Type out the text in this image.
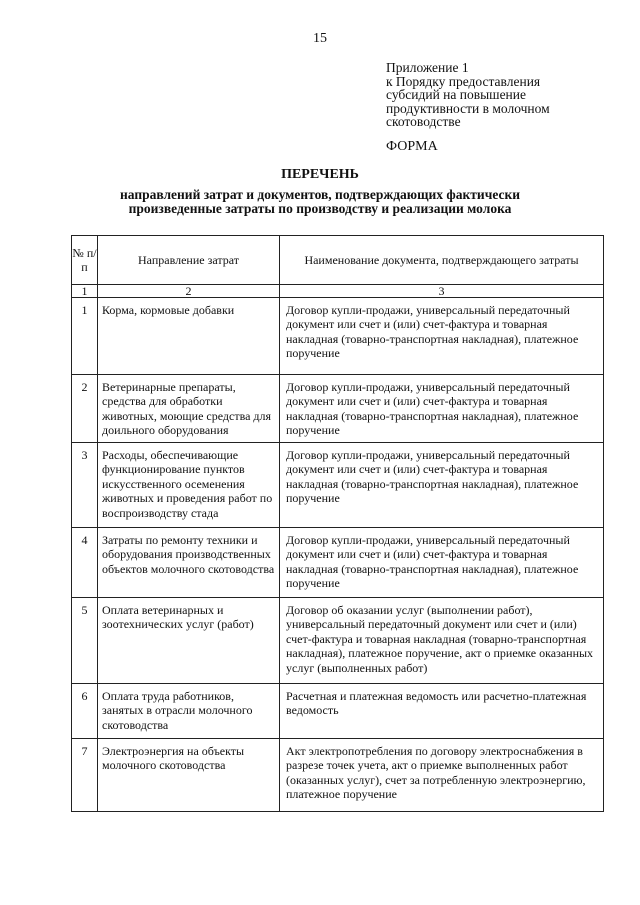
15
Приложение 1
к Порядку предоставления
субсидий на повышение
продуктивности в молочном
скотоводстве
ФОРМА
ПЕРЕЧЕНЬ
направлений затрат и документов, подтверждающих фактически произведенные затраты по производству и реализации молока
№ п/п	Направление затрат	Наименование документа, подтверждающего затраты
1	2	3
1	Корма, кормовые добавки	Договор купли-продажи, универсальный передаточный документ или счет и (или) счет-фактура и товарная накладная (товарно-транспортная накладная), платежное поручение
2	Ветеринарные препараты, средства для обработки животных, моющие средства для доильного оборудования	Договор купли-продажи, универсальный передаточный документ или счет и (или) счет-фактура и товарная накладная (товарно-транспортная накладная), платежное поручение
3	Расходы, обеспечивающие функционирование пунктов искусственного осеменения животных и проведения работ по воспроизводству стада	Договор купли-продажи, универсальный передаточный документ или счет и (или) счет-фактура и товарная накладная (товарно-транспортная накладная), платежное поручение
4	Затраты по ремонту техники и оборудования производственных объектов молочного скотоводства	Договор купли-продажи, универсальный передаточный документ или счет и (или) счет-фактура и товарная накладная (товарно-транспортная накладная), платежное поручение
5	Оплата ветеринарных и зоотехнических услуг (работ)	Договор об оказании услуг (выполнении работ), универсальный передаточный документ или счет и (или) счет-фактура и товарная накладная (товарно-транспортная накладная), платежное поручение, акт о приемке оказанных услуг (выполненных работ)
6	Оплата труда работников, занятых в отрасли молочного скотоводства	Расчетная и платежная ведомость или расчетно-платежная ведомость
7	Электроэнергия на объекты молочного скотоводства	Акт электропотребления по договору электроснабжения в разрезе точек учета, акт о приемке выполненных работ (оказанных услуг), счет за потребленную электроэнергию, платежное поручение
